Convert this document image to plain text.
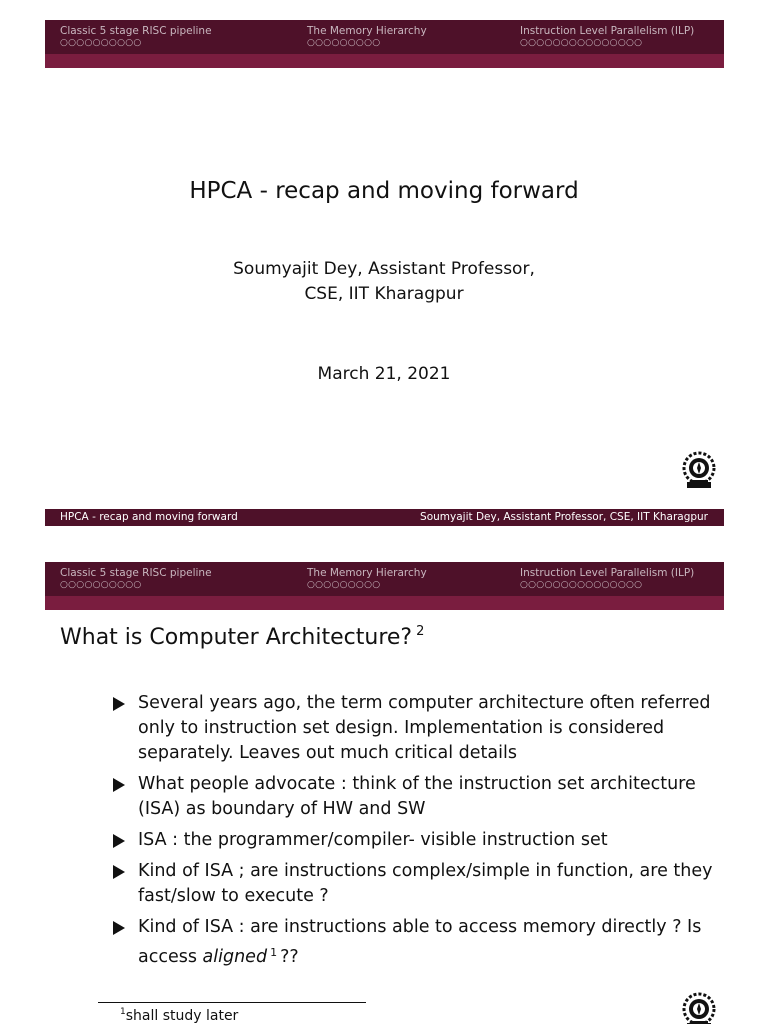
Classic 5 stage RISC pipeline
○○○○○○○○○○
The Memory Hierarchy
○○○○○○○○○
Instruction Level Parallelism (ILP)
○○○○○○○○○○○○○○○
HPCA - recap and moving forward
Soumyajit Dey, Assistant Professor,
CSE, IIT Kharagpur
March 21, 2021
HPCA - recap and moving forward	Soumyajit Dey, Assistant Professor, CSE, IIT Kharagpur
Classic 5 stage RISC pipeline
○○○○○○○○○○
The Memory Hierarchy
○○○○○○○○○
Instruction Level Parallelism (ILP)
○○○○○○○○○○○○○○○
What is Computer Architecture? $^2$
Several years ago, the term computer architecture often referred only to instruction set design. Implementation is considered separately. Leaves out much critical details
What people advocate : think of the instruction set architecture (ISA) as boundary of HW and SW
ISA : the programmer/compiler- visible instruction set
Kind of ISA ; are instructions complex/simple in function, are they fast/slow to execute ?
Kind of ISA : are instructions able to access memory directly ? Is access aligned $^1$ ??
$^1$shall study later
